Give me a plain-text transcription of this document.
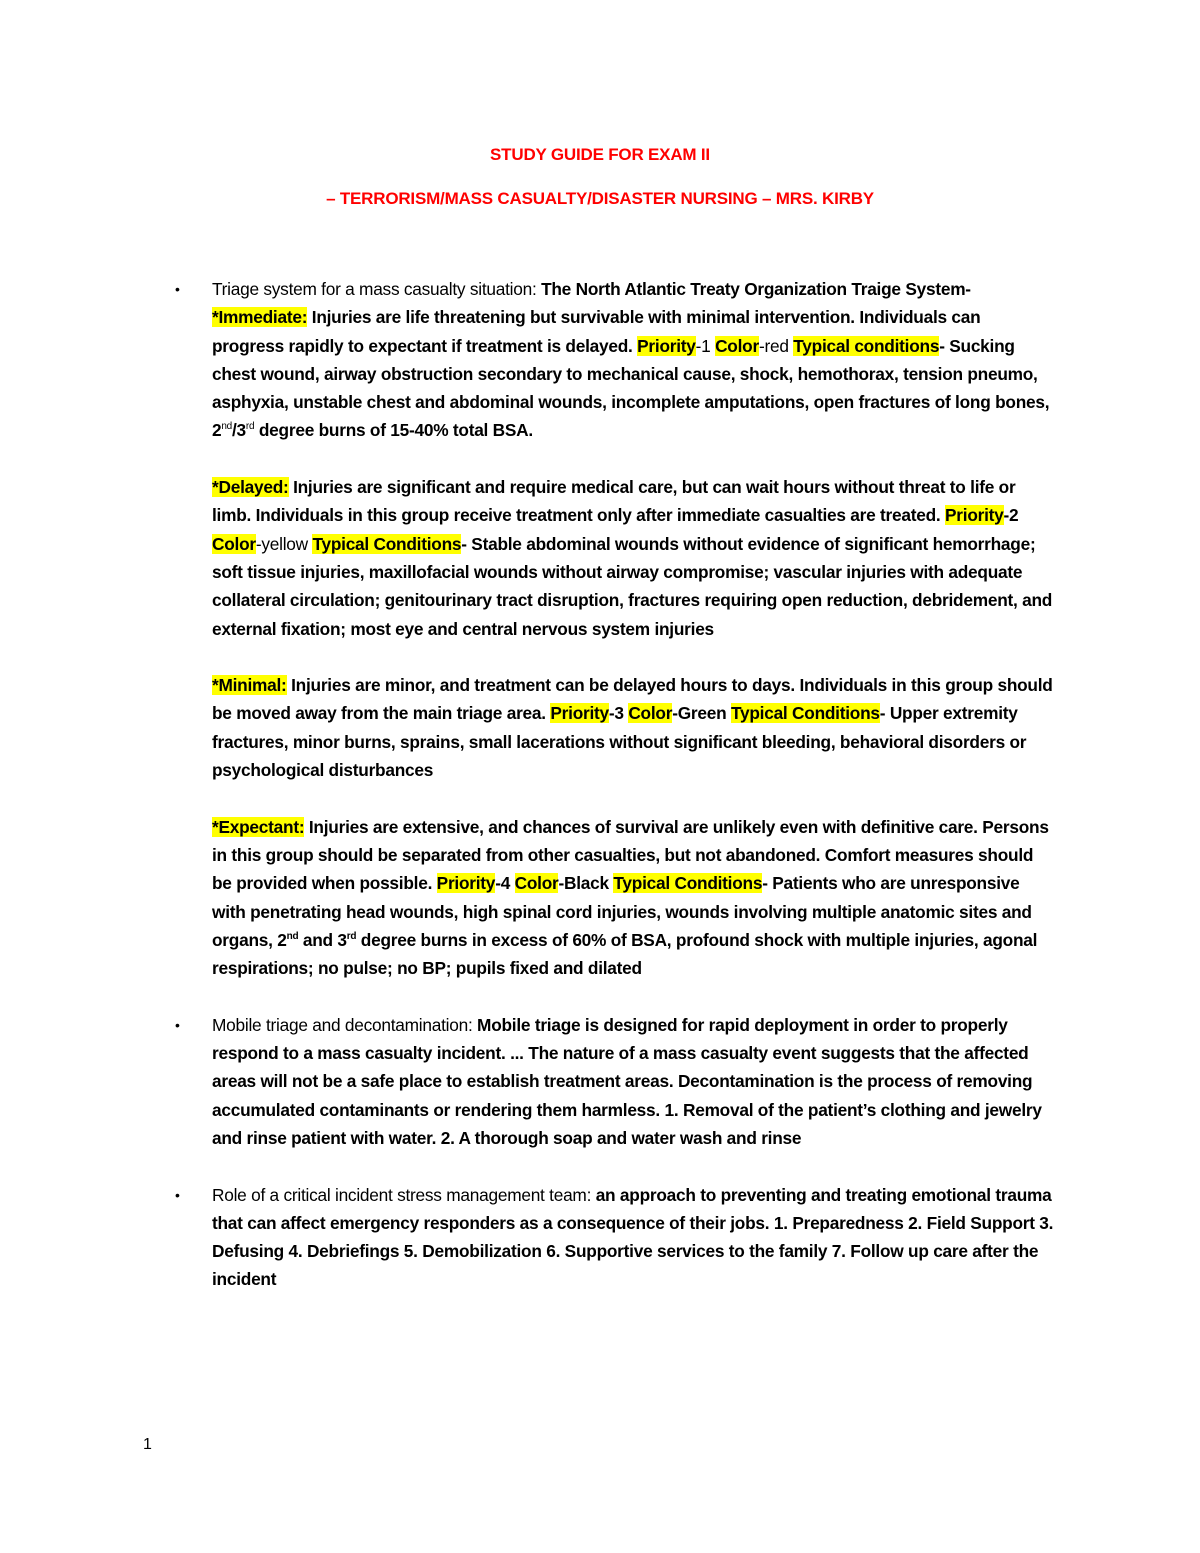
STUDY GUIDE FOR EXAM II
– TERRORISM/MASS CASUALTY/DISASTER NURSING – MRS. KIRBY
• Triage system for a mass casualty situation: The North Atlantic Treaty Organization Traige System- *Immediate: Injuries are life threatening but survivable with minimal intervention. Individuals can progress rapidly to expectant if treatment is delayed. Priority-1 Color-red Typical conditions- Sucking chest wound, airway obstruction secondary to mechanical cause, shock, hemothorax, tension pneumo, asphyxia, unstable chest and abdominal wounds, incomplete amputations, open fractures of long bones, 2nd/3rd degree burns of 15-40% total BSA.

*Delayed: Injuries are significant and require medical care, but can wait hours without threat to life or limb. Individuals in this group receive treatment only after immediate casualties are treated. Priority-2 Color-yellow Typical Conditions- Stable abdominal wounds without evidence of significant hemorrhage; soft tissue injuries, maxillofacial wounds without airway compromise; vascular injuries with adequate collateral circulation; genitourinary tract disruption, fractures requiring open reduction, debridement, and external fixation; most eye and central nervous system injuries

*Minimal: Injuries are minor, and treatment can be delayed hours to days. Individuals in this group should be moved away from the main triage area. Priority-3 Color-Green Typical Conditions- Upper extremity fractures, minor burns, sprains, small lacerations without significant bleeding, behavioral disorders or psychological disturbances

*Expectant: Injuries are extensive, and chances of survival are unlikely even with definitive care. Persons in this group should be separated from other casualties, but not abandoned. Comfort measures should be provided when possible. Priority-4 Color-Black Typical Conditions- Patients who are unresponsive with penetrating head wounds, high spinal cord injuries, wounds involving multiple anatomic sites and organs, 2nd and 3rd degree burns in excess of 60% of BSA, profound shock with multiple injuries, agonal respirations; no pulse; no BP; pupils fixed and dilated

• Mobile triage and decontamination: Mobile triage is designed for rapid deployment in order to properly respond to a mass casualty incident. ... The nature of a mass casualty event suggests that the affected areas will not be a safe place to establish treatment areas. Decontamination is the process of removing accumulated contaminants or rendering them harmless. 1. Removal of the patient’s clothing and jewelry and rinse patient with water. 2. A thorough soap and water wash and rinse

• Role of a critical incident stress management team: an approach to preventing and treating emotional trauma that can affect emergency responders as a consequence of their jobs. 1. Preparedness 2. Field Support 3. Defusing 4. Debriefings 5. Demobilization 6. Supportive services to the family 7. Follow up care after the incident

1
